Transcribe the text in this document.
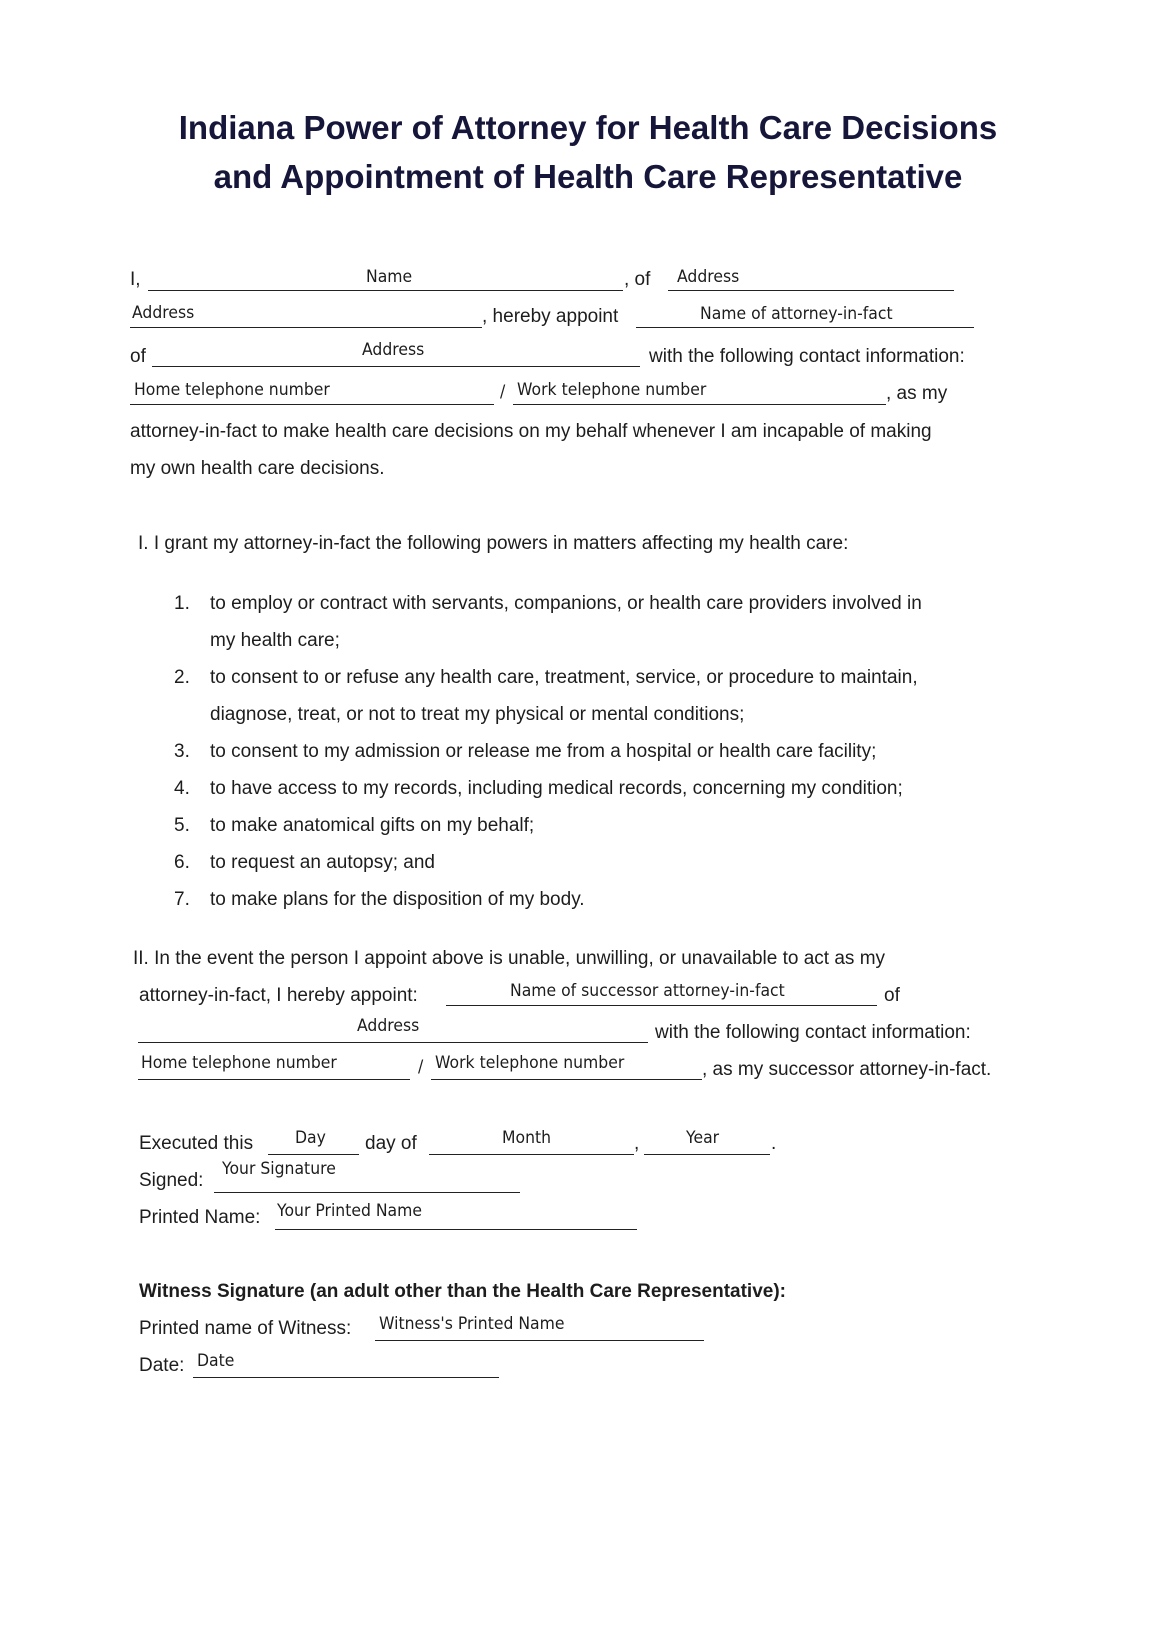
Indiana Power of Attorney for Health Care Decisions
and Appointment of Health Care Representative
I,	Name	, of Address
Address	, hereby appoint	Name of attorney-in-fact
of	Address	with the following contact information:
Home telephone number	/ Work telephone number	, as my
attorney-in-fact to make health care decisions on my behalf whenever I am incapable of making
my own health care decisions.
I. I grant my attorney-in-fact the following powers in matters affecting my health care:
1. to employ or contract with servants, companions, or health care providers involved in
my health care;
2. to consent to or refuse any health care, treatment, service, or procedure to maintain,
diagnose, treat, or not to treat my physical or mental conditions;
3. to consent to my admission or release me from a hospital or health care facility;
4. to have access to my records, including medical records, concerning my condition;
5. to make anatomical gifts on my behalf;
6. to request an autopsy; and
7. to make plans for the disposition of my body.
II. In the event the person I appoint above is unable, unwilling, or unavailable to act as my
attorney-in-fact, I hereby appoint:	Name of successor attorney-in-fact	of
Address	with the following contact information:
Home telephone number	/ Work telephone number	, as my successor attorney-in-fact.
Executed this Day day of	Month	,	Year	.
Signed:
Your Signature
Printed Name: Your Printed Name
Witness Signature (an adult other than the Health Care Representative):
Printed name of Witness: Witness's Printed Name
Date: Date
